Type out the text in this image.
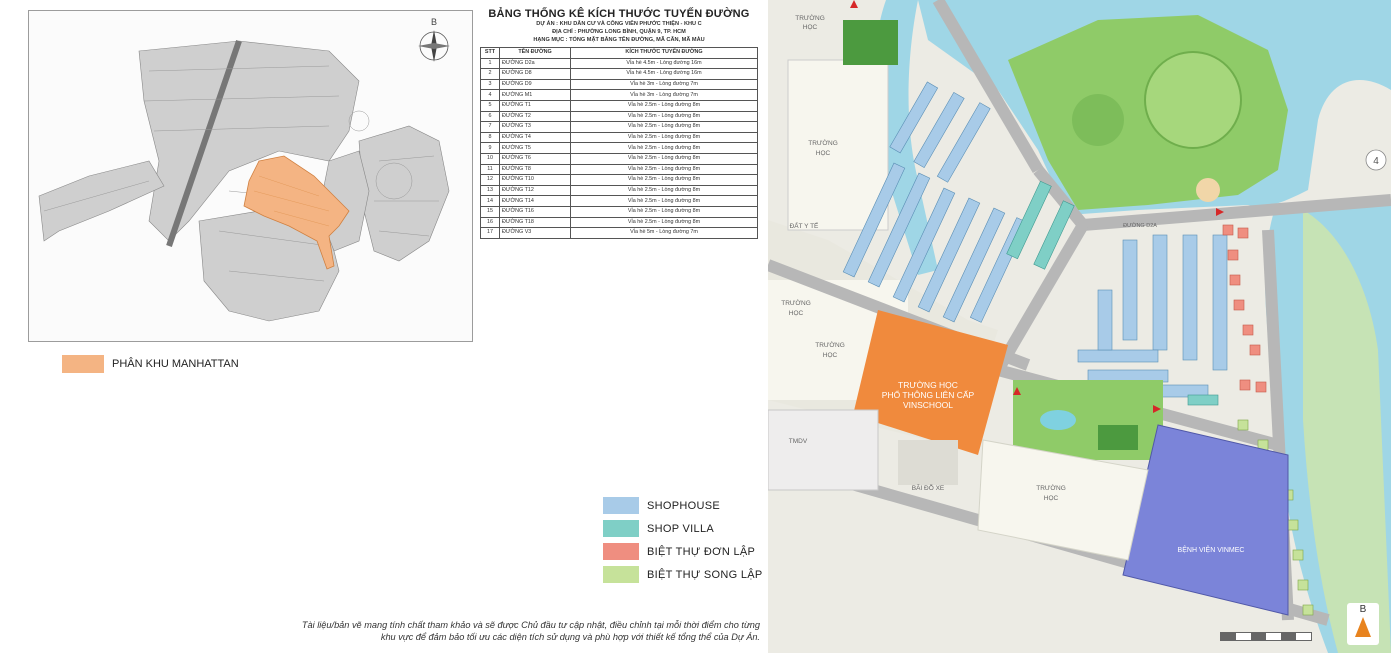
B
PHÂN KHU MANHATTAN
BẢNG THỐNG KÊ KÍCH THƯỚC TUYẾN ĐƯỜNG
DỰ ÁN : KHU DÂN CƯ VÀ CÔNG VIÊN PHƯỚC THIỆN - KHU C
ĐỊA CHỈ : PHƯỜNG LONG BÌNH, QUẬN 9, TP. HCM
HẠNG MỤC : TỔNG MẶT BẰNG TÊN ĐƯỜNG, MÃ CĂN, MÃ MÀU
STT	TÊN ĐƯỜNG	KÍCH THƯỚC TUYẾN ĐƯỜNG
1	ĐƯỜNG D2a	Vỉa hè 4.5m - Lòng đường 16m
2	ĐƯỜNG D8	Vỉa hè 4.5m - Lòng đường 16m
3	ĐƯỜNG D9	Vỉa hè 3m - Lòng đường 7m
4	ĐƯỜNG M1	Vỉa hè 3m - Lòng đường 7m
5	ĐƯỜNG T1	Vỉa hè 2.5m - Lòng đường 8m
6	ĐƯỜNG T2	Vỉa hè 2.5m - Lòng đường 8m
7	ĐƯỜNG T3	Vỉa hè 2.5m - Lòng đường 8m
8	ĐƯỜNG T4	Vỉa hè 2.5m - Lòng đường 8m
9	ĐƯỜNG T5	Vỉa hè 2.5m - Lòng đường 8m
10	ĐƯỜNG T6	Vỉa hè 2.5m - Lòng đường 8m
11	ĐƯỜNG T8	Vỉa hè 2.5m - Lòng đường 8m
12	ĐƯỜNG T10	Vỉa hè 2.5m - Lòng đường 8m
13	ĐƯỜNG T12	Vỉa hè 2.5m - Lòng đường 8m
14	ĐƯỜNG T14	Vỉa hè 2.5m - Lòng đường 8m
15	ĐƯỜNG T16	Vỉa hè 2.5m - Lòng đường 8m
16	ĐƯỜNG T18	Vỉa hè 2.5m - Lòng đường 8m
17	ĐƯỜNG V3	Vỉa hè 5m - Lòng đường 7m
SHOPHOUSE
SHOP VILLA
BIỆT THỰ ĐƠN LẬP
BIỆT THỰ SONG LẬP
Tài liệu/bản vẽ mang tính chất tham khảo và sẽ được Chủ đầu tư cập nhật, điều chỉnh tại mỗi thời điểm cho từng
khu vực để đảm bảo tối ưu các diện tích sử dụng và phù hợp với thiết kế tổng thể của Dự Án.
TRƯỜNG
HỌC
TRƯỜNG
HỌC
TRƯỜNG
HỌC
TRƯỜNG
HỌC
TRƯỜNG
HỌC
TMDV
BÃI ĐỖ XE
ĐẤT Y TẾ	ĐƯỜNG D2A
TRƯỜNG HỌC
PHỔ THÔNG LIÊN CẤP
VINSCHOOL
BỆNH VIỆN VINMEC
4
B
